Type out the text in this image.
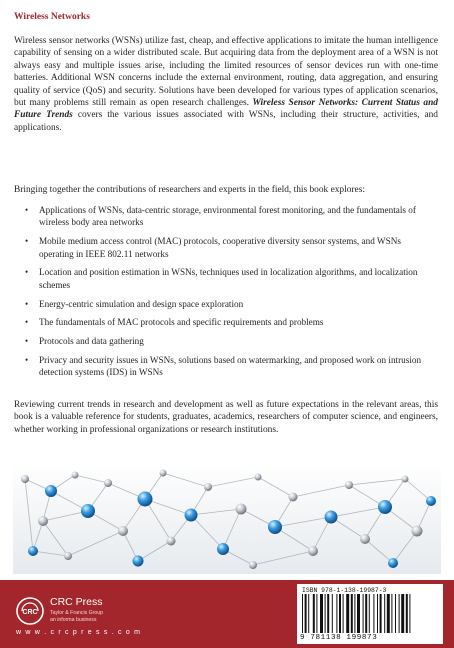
Wireless Networks

Wireless sensor networks (WSNs) utilize fast, cheap, and effective applications to imitate the human intelligence capability of sensing on a wider distributed scale. But acquiring data from the deployment area of a WSN is not always easy and multiple issues arise, including the limited resources of sensor devices run with one-time batteries. Additional WSN concerns include the external environment, routing, data aggregation, and ensuring quality of service (QoS) and security. Solutions have been developed for various types of application scenarios, but many problems still remain as open research challenges. Wireless Sensor Networks: Current Status and Future Trends covers the various issues associated with WSNs, including their structure, activities, and applications.

Bringing together the contributions of researchers and experts in the field, this book explores:

• Applications of WSNs, data-centric storage, environmental forest monitoring, and the fundamentals of wireless body area networks
• Mobile medium access control (MAC) protocols, cooperative diversity sensor systems, and WSNs operating in IEEE 802.11 networks
• Location and position estimation in WSNs, techniques used in localization algorithms, and localization schemes
• Energy-centric simulation and design space exploration
• The fundamentals of MAC protocols and specific requirements and problems
• Protocols and data gathering
• Privacy and security issues in WSNs, solutions based on watermarking, and proposed work on intrusion detection systems (IDS) in WSNs

Reviewing current trends in research and development as well as future expectations in the relevant areas, this book is a valuable reference for students, graduates, academics, researchers of computer science, and engineers, whether working in professional organizations or research institutions.

CRC
CRC Press
Taylor & Francis Group
an informa business
w w w . c r c p r e s s . c o m
ISBN 978-1-138-19987-3
9 781138 199873
